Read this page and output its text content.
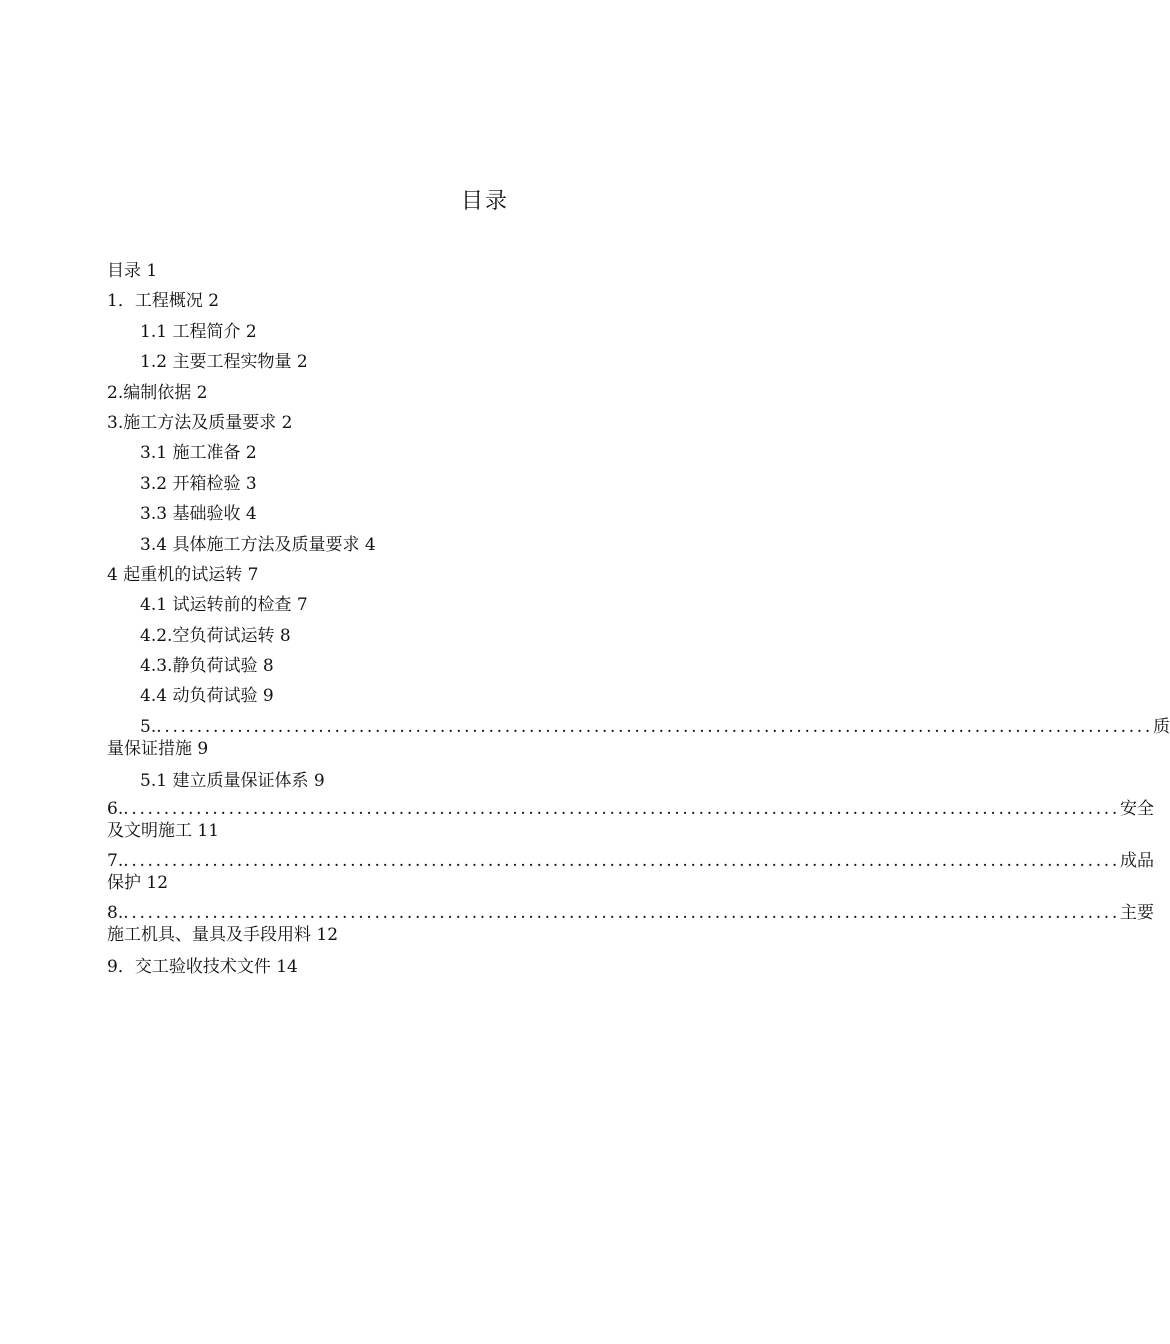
目录
目录 1
1．工程概况 2
1.1 工程简介 2
1.2 主要工程实物量 2
2.编制依据 2
3.施工方法及质量要求 2
3.1 施工准备 2
3.2 开箱检验 3
3.3 基础验收 4
3.4 具体施工方法及质量要求 4
4 起重机的试运转 7
4.1 试运转前的检查 7
4.2.空负荷试运转 8
4.3.静负荷试验 8
4.4 动负荷试验 9
5. ........................................................................................................................... 质
量保证措施 9
5.1 建立质量保证体系 9
6. ........................................................................................................................... 安全
及文明施工 11
7. ........................................................................................................................... 成品
保护 12
8. ........................................................................................................................... 主要
施工机具、量具及手段用料 12
9．交工验收技术文件 14
